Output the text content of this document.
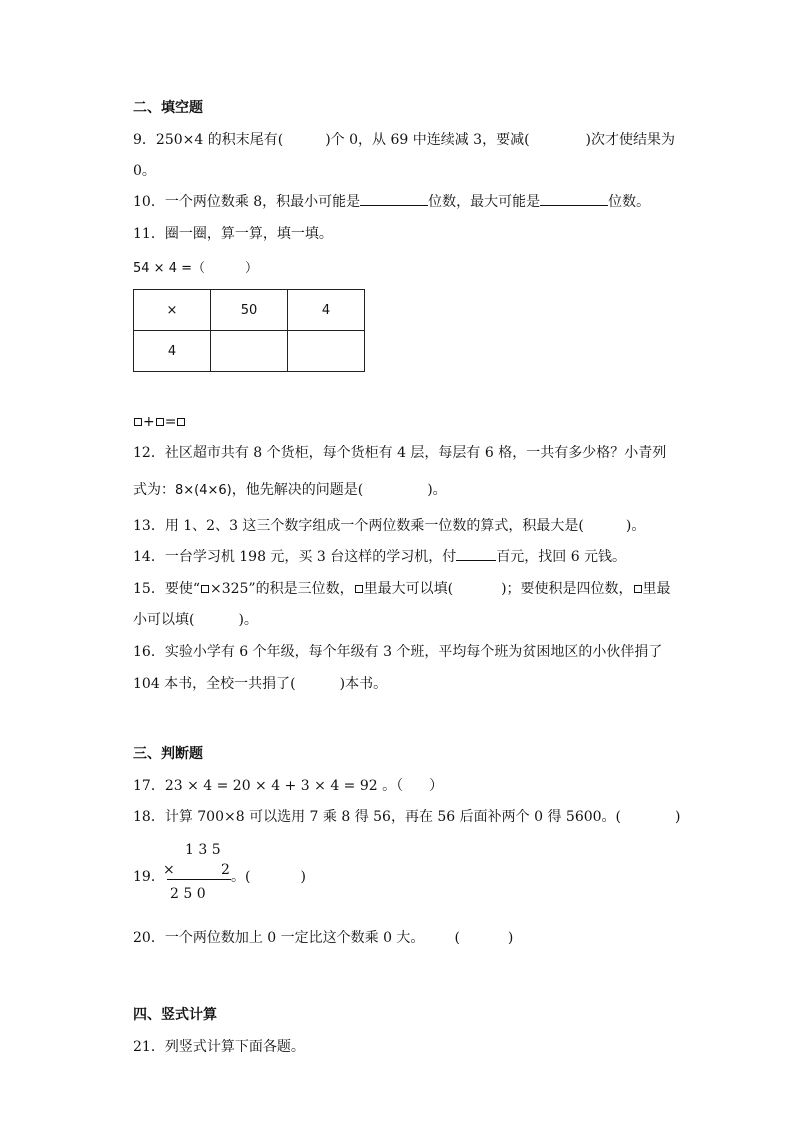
二、填空题
9．250×4 的积末尾有(	)个 0，从 69 中连续减 3，要减(	)次才使结果为
0。
10．一个两位数乘 8，积最小可能是	位数，最大可能是	位数。
11．圈一圈，算一算，填一填。
54 × 4 =（	）
×	50	4
4		
+ =
12．社区超市共有 8 个货柜，每个货柜有 4 层，每层有 6 格，一共有多少格？小青列
式为：8×(4×6)，他先解决的问题是(	)。
13．用 1、2、3 这三个数字组成一个两位数乘一位数的算式，积最大是(	)。
14．一台学习机 198 元，买 3 台这样的学习机，付	百元，找回 6 元钱。
15．要使“ ×325”的积是三位数， 里最大可以填(	)；要使积是四位数， 里最
小可以填(	)。
16．实验小学有 6 个年级，每个年级有 3 个班，平均每个班为贫困地区的小伙伴捐了
104 本书，全校一共捐了(	)本书。
三、判断题
17．23 × 4 = 20 × 4 + 3 × 4 = 92 。（ ）
18．计算 700×8 可以选用 7 乘 8 得 56，再在 56 后面补两个 0 得 5600。(	)
1 3 5
19．
×	2 。(	)
2 5 0
20．一个两位数加上 0 一定比这个数乘 0 大。 (	)
四、竖式计算
21．列竖式计算下面各题。
